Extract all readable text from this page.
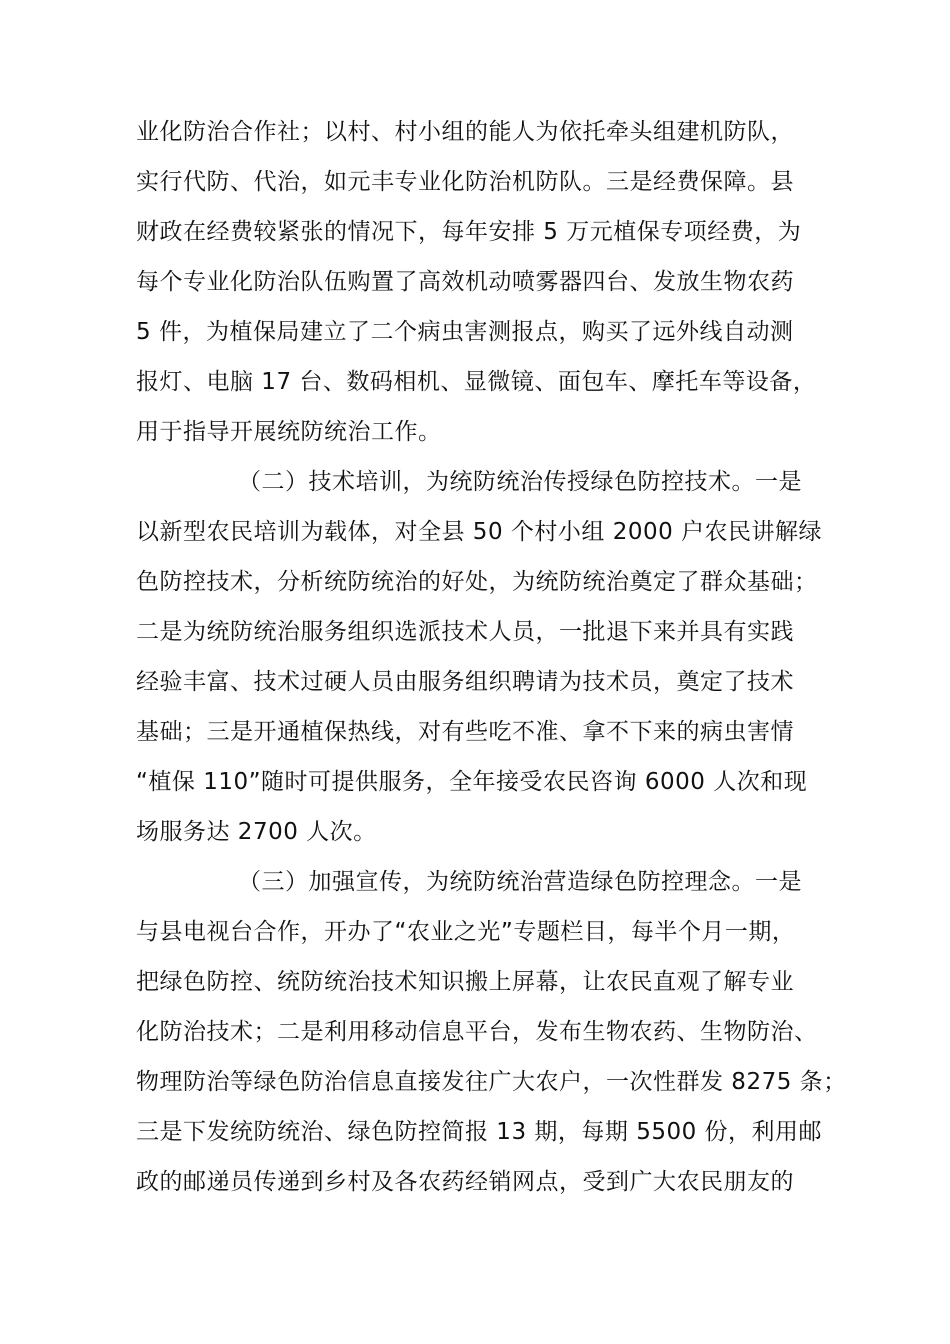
业化防治合作社；以村、村小组的能人为依托牵头组建机防队，

实行代防、代治，如元丰专业化防治机防队。三是经费保障。县

财政在经费较紧张的情况下，每年安排 5 万元植保专项经费，为

每个专业化防治队伍购置了高效机动喷雾器四台、发放生物农药

5 件，为植保局建立了二个病虫害测报点，购买了远外线自动测

报灯、电脑 17 台、数码相机、显微镜、面包车、摩托车等设备，

用于指导开展统防统治工作。

（二）技术培训，为统防统治传授绿色防控技术。一是

以新型农民培训为载体，对全县 50 个村小组 2000 户农民讲解绿

色防控技术，分析统防统治的好处，为统防统治奠定了群众基础；

二是为统防统治服务组织选派技术人员，一批退下来并具有实践

经验丰富、技术过硬人员由服务组织聘请为技术员，奠定了技术

基础；三是开通植保热线，对有些吃不准、拿不下来的病虫害情

“植保 110”随时可提供服务，全年接受农民咨询 6000 人次和现

场服务达 2700 人次。

（三）加强宣传，为统防统治营造绿色防控理念。一是

与县电视台合作，开办了“农业之光”专题栏目，每半个月一期，

把绿色防控、统防统治技术知识搬上屏幕，让农民直观了解专业

化防治技术；二是利用移动信息平台，发布生物农药、生物防治、

物理防治等绿色防治信息直接发往广大农户，一次性群发 8275 条；

三是下发统防统治、绿色防控简报 13 期，每期 5500 份，利用邮

政的邮递员传递到乡村及各农药经销网点，受到广大农民朋友的
